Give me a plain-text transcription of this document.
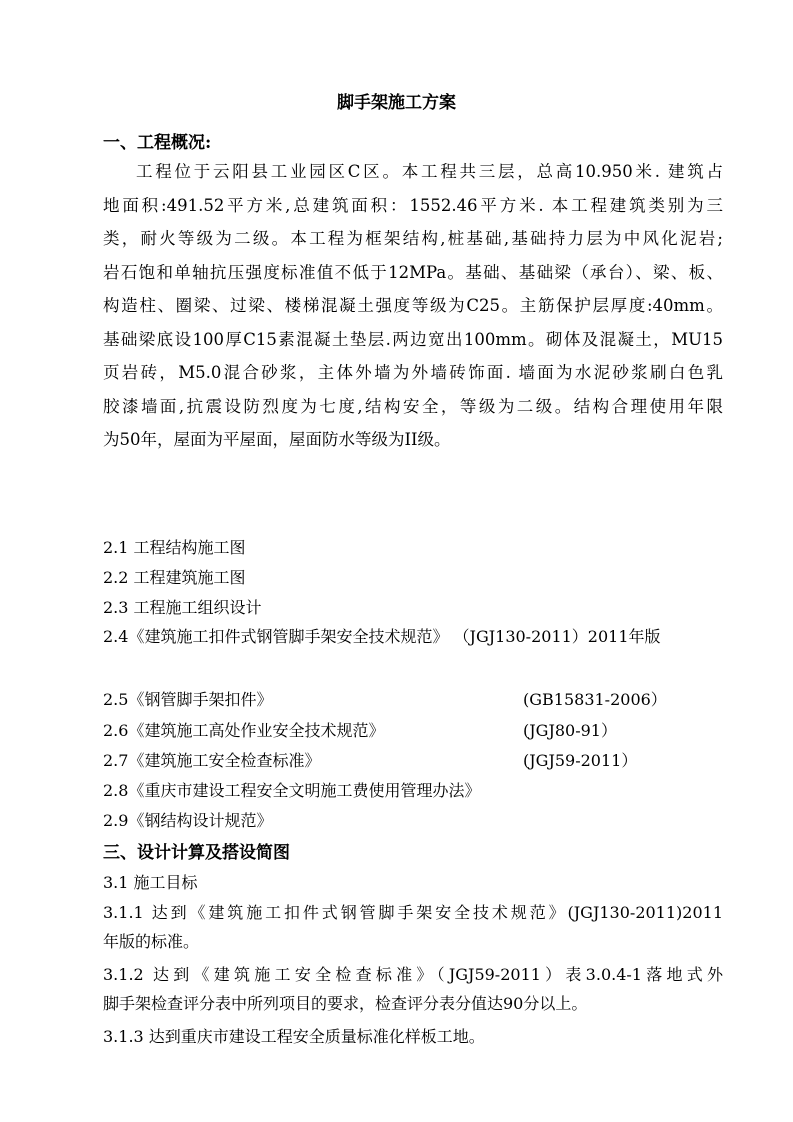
脚手架施工方案
一、工程概况:
工程位于云阳县工业园区C区。本工程共三层，总高10.950米. 建筑占
地面积:491.52平方米,总建筑面积：1552.46平方米. 本工程建筑类别为三
类，耐火等级为二级。本工程为框架结构,桩基础,基础持力层为中风化泥岩;
岩石饱和单轴抗压强度标准值不低于12MPa。基础、基础梁（承台）、梁、板、
构造柱、圈梁、过梁、楼梯混凝土强度等级为C25。主筋保护层厚度:40mm。
基础梁底设100厚C15素混凝土垫层.两边宽出100mm。砌体及混凝土，MU15
页岩砖，M5.0混合砂浆，主体外墙为外墙砖饰面. 墙面为水泥砂浆刷白色乳
胶漆墙面,抗震设防烈度为七度,结构安全，等级为二级。结构合理使用年限
为50年，屋面为平屋面，屋面防水等级为II级。
2.1 工程结构施工图
2.2 工程建筑施工图
2.3 工程施工组织设计
2.4《建筑施工扣件式钢管脚手架安全技术规范》 （JGJ130-2011）2011年版
2.5《钢管脚手架扣件》	(GB15831-2006）
2.6《建筑施工高处作业安全技术规范》	(JGJ80-91）
2.7《建筑施工安全检查标准》	(JGJ59-2011）
2.8《重庆市建设工程安全文明施工费使用管理办法》
2.9《钢结构设计规范》
三、设计计算及搭设简图
3.1 施工目标
3.1.1 达到《建筑施工扣件式钢管脚手架安全技术规范》(JGJ130-2011)2011
年版的标准。
3.1.2 达到《建筑施工安全检查标准》（JGJ59-2011）表3.0.4-1落地式外
脚手架检查评分表中所列项目的要求，检查评分表分值达90分以上。
3.1.3 达到重庆市建设工程安全质量标准化样板工地。
